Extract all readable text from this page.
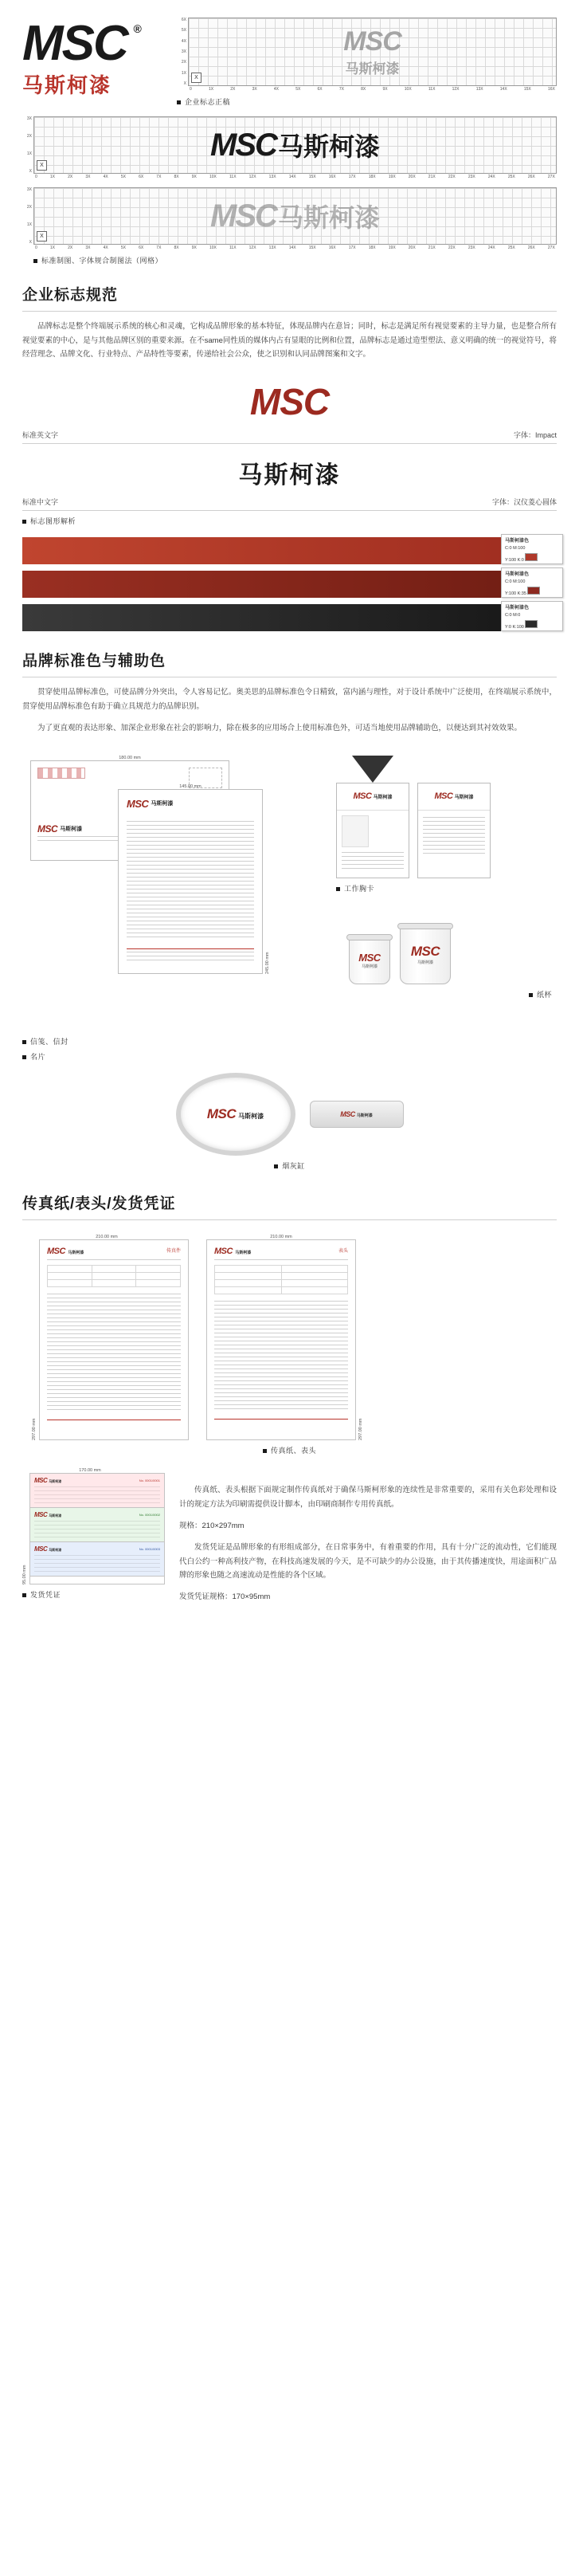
MSC ®
马斯柯漆
6X
5X
4X
3X
2X
1X
X
MSC
马斯柯漆
X
0	1X	2X	3X	4X	5X	6X	7X	8X	9X	10X	11X	12X	13X	14X	15X	16X
企业标志正稿
3X
2X
1X
X
MSC 马斯柯漆
X
0	1X	2X	3X	4X	5X	6X	7X	8X	9X	10X	11X	12X	13X	14X	15X	16X	17X	18X	19X	20X	21X	22X	23X	24X	25X	26X	27X
3X
2X
1X
X
MSC 马斯柯漆
X
0	1X	2X	3X	4X	5X	6X	7X	8X	9X	10X	11X	12X	13X	14X	15X	16X	17X	18X	19X	20X	21X	22X	23X	24X	25X	26X	27X
标准制图、字体规合制图法（网格）
企业标志规范

品牌标志是整个终端展示系统的核心和灵魂，它构成品牌形象的基本特征，体现品牌内在意旨；同时，标志是满足所有视觉要素的主导力量，也是整合所有视觉要素的中心，是与其他品牌区别的重要来源。在不same同性质的媒体内占有显眼的比例和位置，品牌标志是通过造型塑法、意义明确的统一的视觉符号，将经营理念、品牌文化、行业特点、产品特性等要素，传递给社会公众，使之识别和认同品牌图案和文字。

MSC
标准英文字	字体：Impact
马斯柯漆
标准中文字	字体：汉仪菱心圆体
标志图形解析
马斯柯漆色
C:0 M:100
Y:100 K:0
马斯柯漆色
C:0 M:100
Y:100 K:35
马斯柯漆色
C:0 M:0
Y:0 K:100
品牌标准色与辅助色

贯穿使用品牌标准色，可使品牌分外突出，令人容易记忆。奥美思的品牌标准色令日精致，富内涵与理性，对于设计系统中广泛使用，在终端展示系统中，贯穿使用品牌标准色有助于确立具规范力的品牌识别。

为了更直观的表达形象、加深企业形象在社会的影响力，除在极多的应用场合上使用标准色外，可适当地使用品牌辅助色，以便达到其衬效效果。

180.00 mm
MSC 马斯柯漆
145.00 mm
MSC 马斯柯漆
245.00 mm
信笺、信封
MSC 马斯柯漆	MSC 马斯柯漆
工作胸卡
MSC
马斯柯漆
MSC
马斯柯漆
纸杯
名片
MSC 马斯柯漆	MSC 马斯柯漆
烟灰缸
传真纸/表头/发货凭证
210.00 mm
297.00 mm
MSC 马斯柯漆	传真件

210.00 mm
MSC 马斯柯漆	表头

297.00 mm
传真纸、表头
170.00 mm
95.00 mm
MSC 马斯柯漆	No. 0001/0001
MSC 马斯柯漆	No. 0001/0002
MSC 马斯柯漆	No. 0001/0003
发货凭证

传真纸、表头根据下面规定制作传真纸对于确保马斯柯形象的连续性是非常重要的，采用有关色彩处理和设计的规定方法为印刷需提供设计脚本，由印刷商制作专用传真纸。

规格：210×297mm

发货凭证是品牌形象的有形组成部分，在日常事务中，有着重要的作用，具有十分广泛的流动性，它们能现代白公约一种高利技产物，在科技高速发展的今天，是不可缺少的办公设施，由于其传播速度快，用途面积广品牌的形象也随之高速流动是性能的各个区域。

发货凭证规格：170×95mm
